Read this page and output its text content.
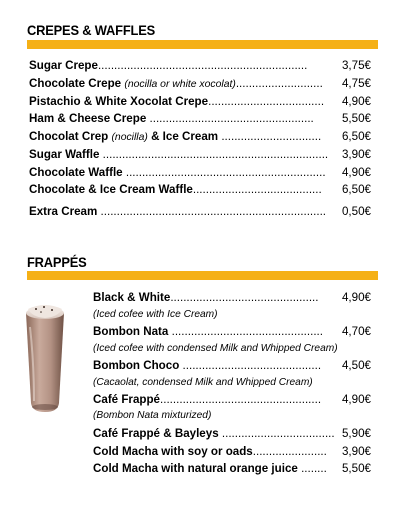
CREPES & WAFFLES
Sugar Crepe.................................................................	3,75€
Chocolate Crepe (nocilla or white xocolat)........................... 4,75€
Pistachio & White Xocolat Crepe.................................... 4,90€
Ham & Cheese Crepe ................................................... 5,50€
Chocolat Crep (nocilla) & Ice Cream ............................... 6,50€
Sugar Waffle ...................................................................... 3,90€
Chocolate Waffle .............................................................. 4,90€
Chocolate & Ice Cream Waffle........................................ 6,50€
Extra Cream ...................................................................... 0,50€
FRAPPÉS
Black & White.............................................. 4,90€
(Iced cofee with Ice Cream)
Bombon Nata ............................................... 4,70€
(Iced cofee with condensed Milk and Whipped Cream)
Bombon Choco ........................................... 4,50€
(Cacaolat, condensed Milk and Whipped Cream)
Café Frappé.................................................. 4,90€
(Bombon Nata mixturized)
Café Frappé & Bayleys ................................... 5,90€
Cold Macha with soy or oads....................... 3,90€
Cold Macha with natural orange juice ........ 5,50€
